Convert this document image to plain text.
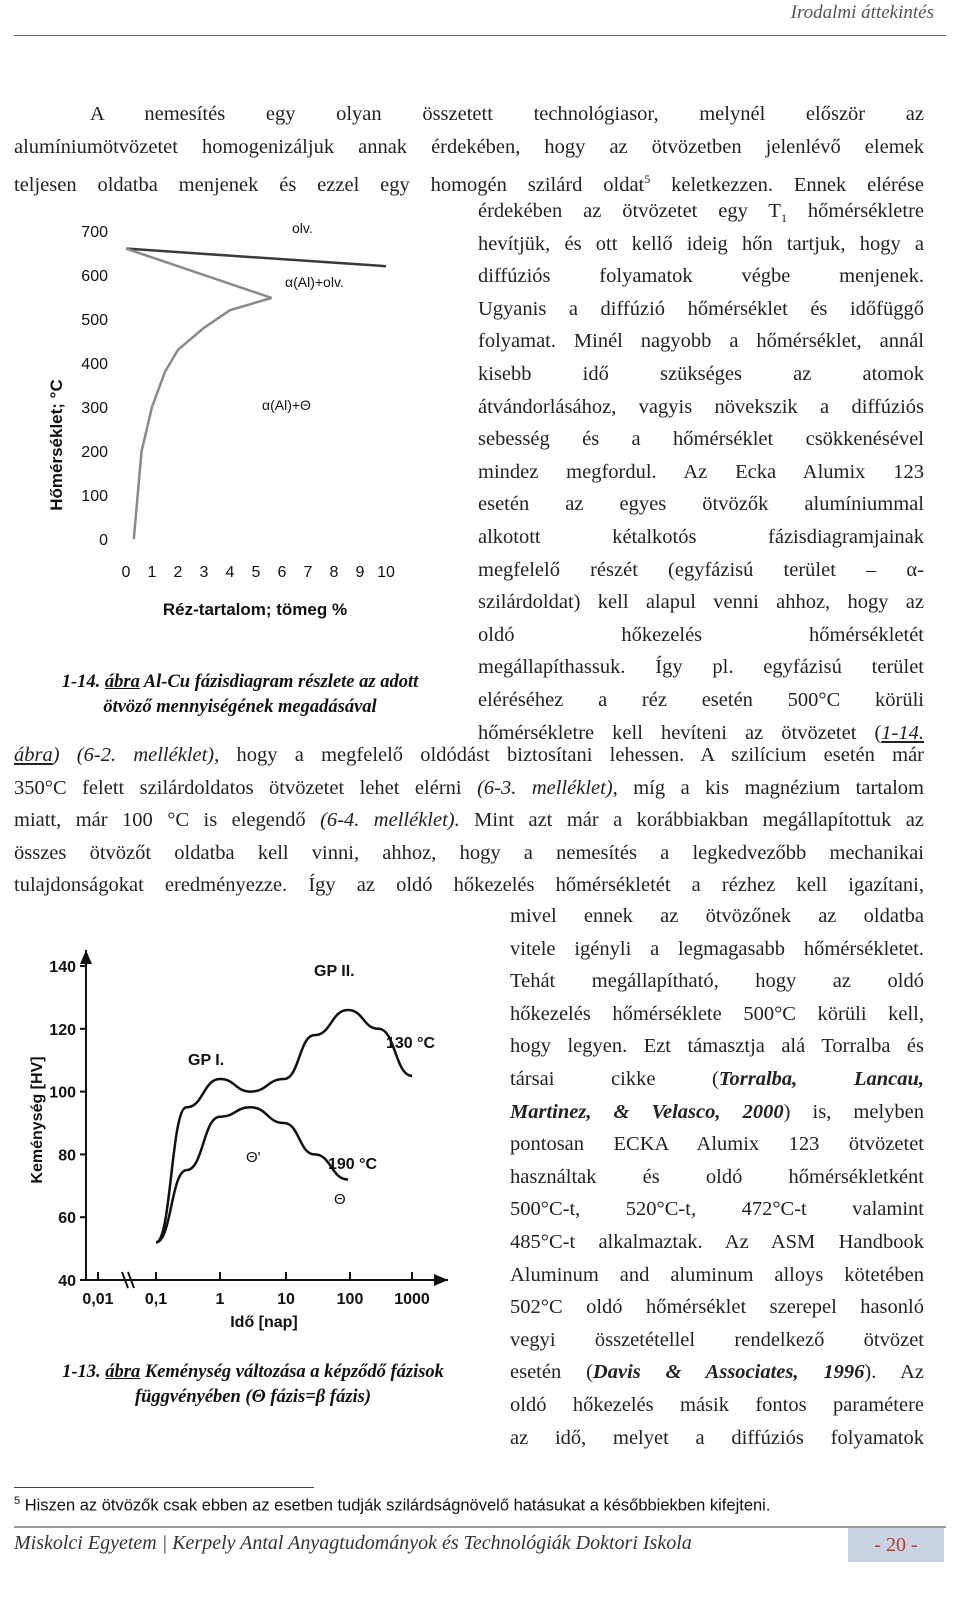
Irodalmi áttekintés
A nemesítés egy olyan összetett technológiasor, melynél először az
alumíniumötvözetet homogenizáljuk annak érdekében, hogy az ötvözetben jelenlévő elemek
teljesen oldatba menjenek és ezzel egy homogén szilárd oldat$^5$ keletkezzen. Ennek elérése
érdekében az ötvözetet egy $T_1$ hőmérsékletre
hevítjük, és ott kellő ideig hőn tartjuk, hogy a
diffúziós folyamatok végbe menjenek.
Ugyanis a diffúzió hőmérséklet és időfüggő
folyamat. Minél nagyobb a hőmérséklet, annál
kisebb idő szükséges az atomok
átvándorlásához, vagyis növekszik a diffúziós
sebesség és a hőmérséklet csökkenésével
mindez megfordul. Az Ecka Alumix 123
esetén az egyes ötvözők alumíniummal
alkotott kétalkotós fázisdiagramjainak
megfelelő részét (egyfázisú terület – α-
szilárdoldat) kell alapul venni ahhoz, hogy az
oldó hőkezelés hőmérsékletét
megállapíthassuk. Így pl. egyfázisú terület
eléréséhez a réz esetén 500°C körüli
hőmérsékletre kell hevíteni az ötvözetet (1-14.
ábra) (6-2. melléklet), hogy a megfelelő oldódást biztosítani lehessen. A szilícium esetén már
350°C felett szilárdoldatos ötvözetet lehet elérni (6-3. melléklet), míg a kis magnézium tartalom
miatt, már 100 °C is elegendő (6-4. melléklet). Mint azt már a korábbiakban megállapítottuk az
összes ötvözőt oldatba kell vinni, ahhoz, hogy a nemesítés a legkedvezőbb mechanikai
tulajdonságokat eredményezze. Így az oldó hőkezelés hőmérsékletét a rézhez kell igazítani,
mivel ennek az ötvözőnek az oldatba
vitele igényli a legmagasabb hőmérsékletet.
Tehát megállapítható, hogy az oldó
hőkezelés hőmérséklete 500°C körüli kell,
hogy legyen. Ezt támasztja alá Torralba és
társai cikke (Torralba, Lancau,
Martinez, & Velasco, 2000) is, melyben
pontosan ECKA Alumix 123 ötvözetet
használtak és oldó hőmérsékletként
500°C-t, 520°C-t, 472°C-t valamint
485°C-t alkalmaztak. Az ASM Handbook
Aluminum and aluminum alloys kötetében
502°C oldó hőmérséklet szerepel hasonló
vegyi összetétellel rendelkező ötvözet
esetén (Davis & Associates, 1996). Az
oldó hőkezelés másik fontos paramétere
az idő, melyet a diffúziós folyamatok
0
100
200
300
400
500
600
700
0 1 2 3 4 5 6 7 8 9 10
Hőmérséklet; °C
Réz-tartalom; tömeg %
olv.
α(Al)+olv.
α(Al)+Θ
1-14. ábra Al-Cu fázisdiagram részlete az adott
ötvöző mennyiségének megadásával
40
60
80
100
120
140
0,01 0,1	1	10	100 1000
Keménység [HV]
Idő [nap]
GP I.
GP II.
130 °C
190 °C
Θ'
Θ
1-13. ábra Keménység változása a képződő fázisok
függvényében (Θ fázis=β fázis)
$^5$ Hiszen az ötvözők csak ebben az esetben tudják szilárdságnövelő hatásukat a későbbiekben kifejteni.
Miskolci Egyetem | Kerpely Antal Anyagtudományok és Technológiák Doktori Iskola	- 20 -
